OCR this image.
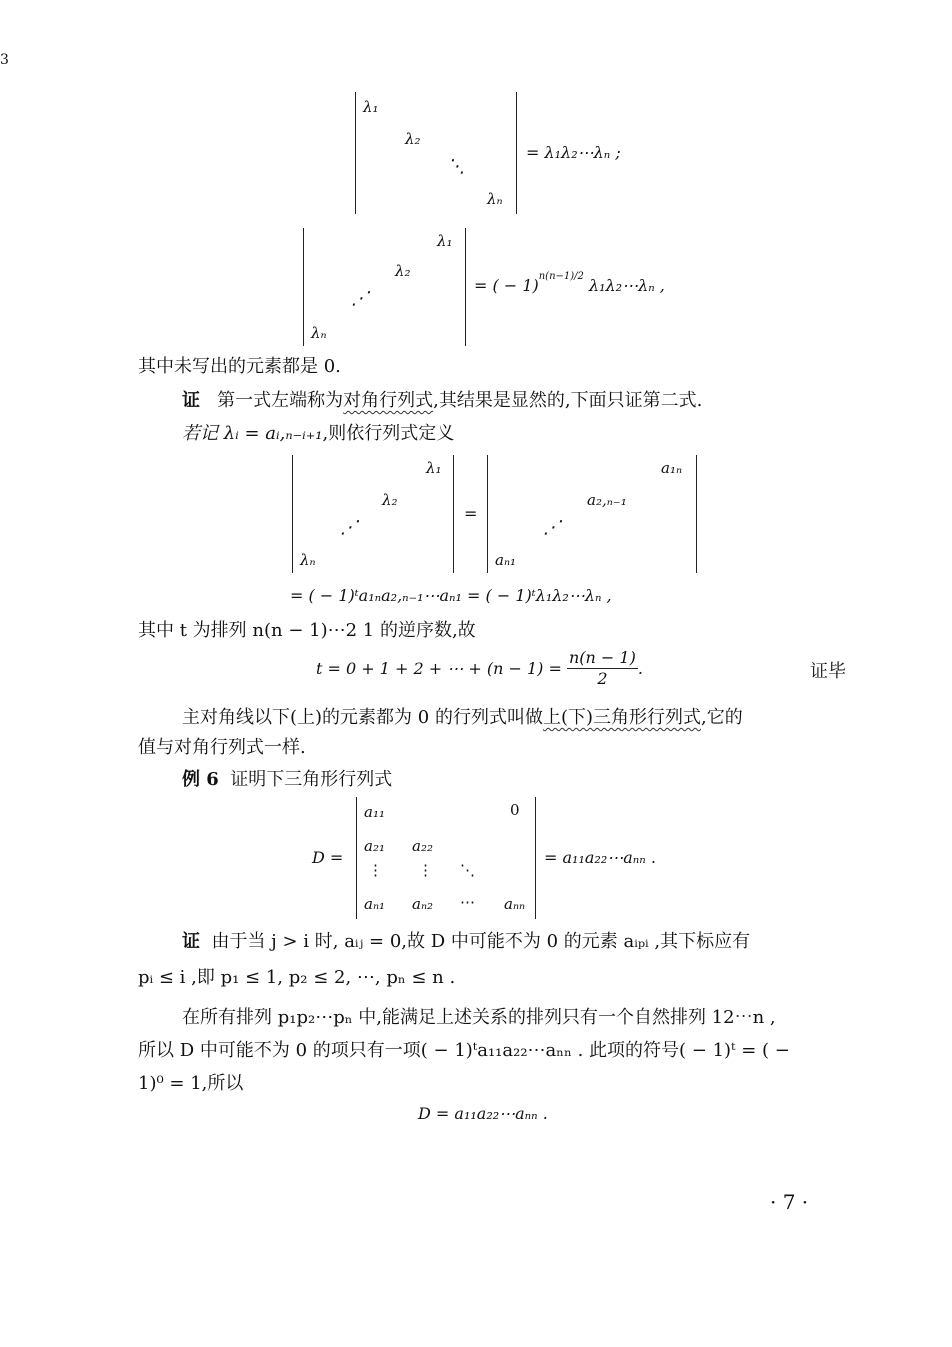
3
λ₁
λ₂
⋱
λₙ
= λ₁λ₂⋯λₙ ;
λ₁
λ₂
⋰
λₙ
= ( − 1)$^{n(n-1)/2}$ λ₁λ₂⋯λₙ ,
其中未写出的元素都是 0.
证 第一式左端称为对角行列式,其结果是显然的,下面只证第二式.
若记 λᵢ = aᵢ,ₙ₋ᵢ₊₁,则依行列式定义
λ₁
λ₂
⋰
λₙ
=
a₁ₙ
a₂,ₙ₋₁
⋰
aₙ₁
= ( − 1)ᵗa₁ₙa₂,ₙ₋₁⋯aₙ₁ = ( − 1)ᵗλ₁λ₂⋯λₙ ,
其中 t 为排列 n(n − 1)⋯2 1 的逆序数,故
t = 0 + 1 + 2 + ⋯ + $(n - 1) = \frac{n(n - 1)}{2}$ .	证毕
主对角线以下(上)的元素都为 0 的行列式叫做上(下)三角形行列式,它的
值与对角行列式一样.
例 6 证明下三角形行列式
D =
a₁₁	0
a₂₁ a₂₂
⋮ ⋮ ⋱
aₙ₁ aₙ₂ ⋯ aₙₙ
= a₁₁a₂₂⋯aₙₙ .
证 由于当 j > i 时, aᵢⱼ = 0,故 D 中可能不为 0 的元素 aᵢₚᵢ ,其下标应有
pᵢ ≤ i ,即 p₁ ≤ 1, p₂ ≤ 2, ⋯, pₙ ≤ n .
在所有排列 p₁p₂⋯pₙ 中,能满足上述关系的排列只有一个自然排列 12⋯n ,
所以 D 中可能不为 0 的项只有一项( − 1)ᵗa₁₁a₂₂⋯aₙₙ . 此项的符号( − 1)ᵗ = ( −
1)⁰ = 1,所以
D = a₁₁a₂₂⋯aₙₙ .
· 7 ·
